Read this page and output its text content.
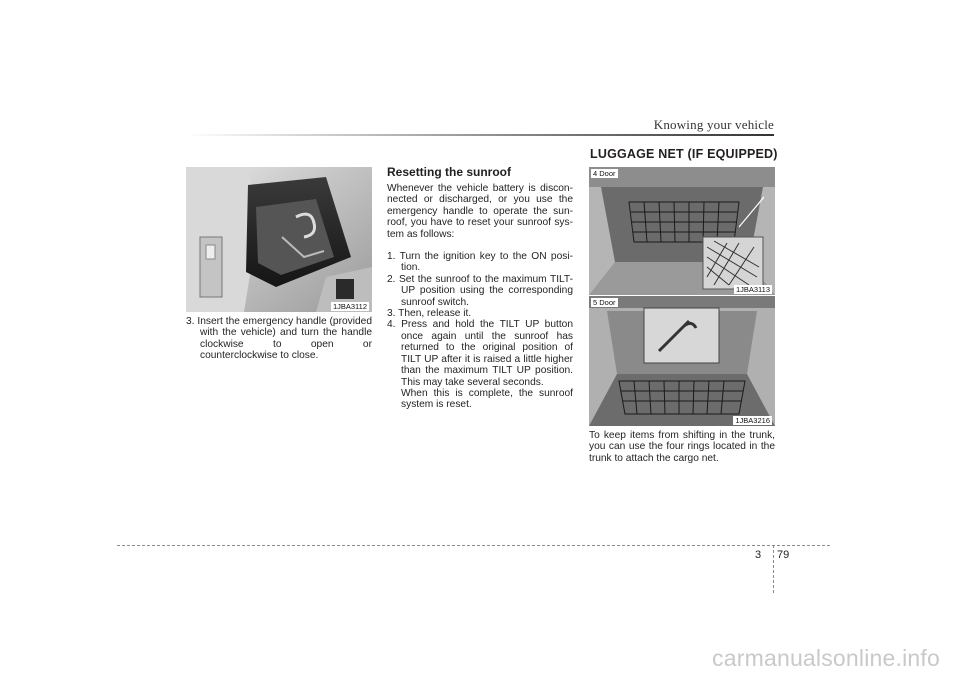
Knowing your vehicle
1JBA3112
3. Insert the emergency handle (provided with the vehicle) and turn the handle clockwise to open or counterclockwise to close.
Resetting the sunroof
Whenever the vehicle battery is discon-nected or discharged, or you use the emergency handle to operate the sun-roof, you have to reset your sunroof sys-tem as follows:
1. Turn the ignition key to the ON posi-tion.
2. Set the sunroof to the maximum TILT-UP position using the corresponding sunroof switch.
3. Then, release it.
4. Press and hold the TILT UP button once again until the sunroof has returned to the original position of TILT UP after it is raised a little higher than the maximum TILT UP position. This may take several seconds.
When this is complete, the sunroof system is reset.
LUGGAGE NET (IF EQUIPPED)
4 Door
1JBA3113
5 Door
1JBA3216
To keep items from shifting in the trunk, you can use the four rings located in the trunk to attach the cargo net.
3 79
carmanualsonline.info
